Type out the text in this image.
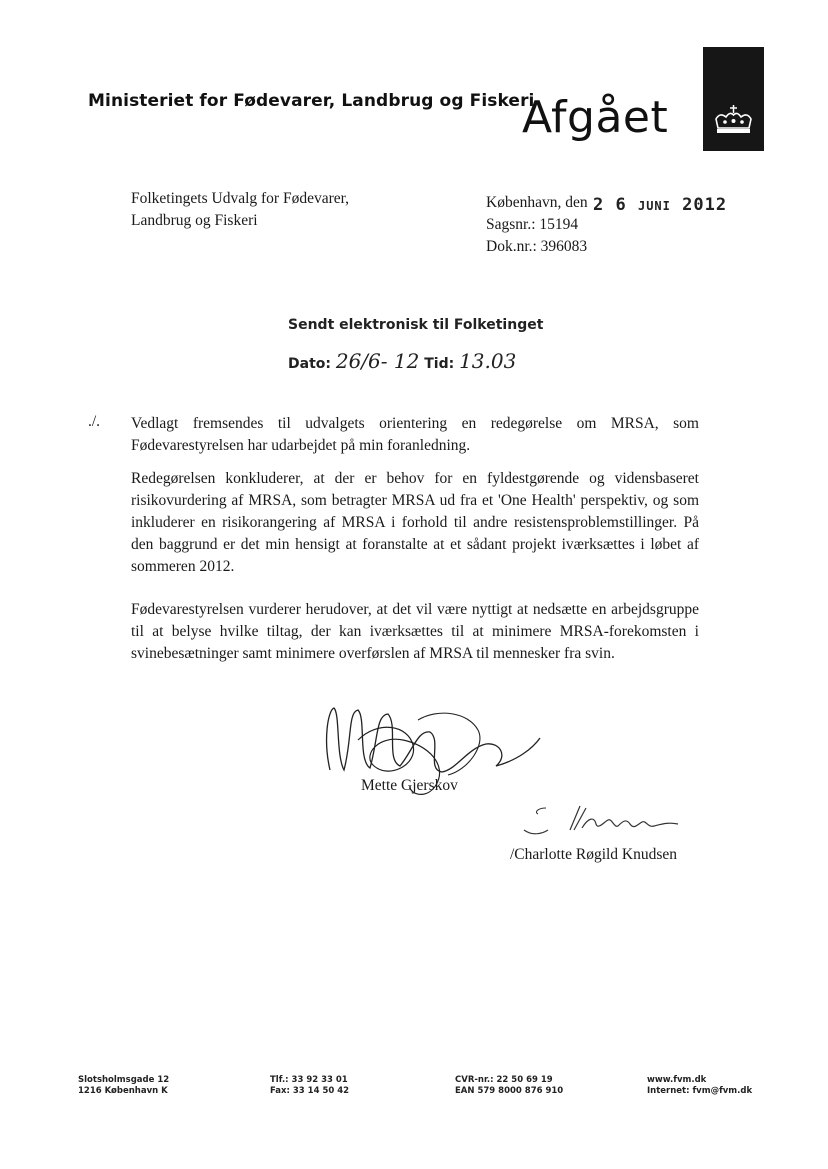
Ministeriet for Fødevarer, Landbrug og Fiskeri
Afgået
Folketingets Udvalg for Fødevarer,
Landbrug og Fiskeri
København, den
Sagsnr.: 15194
Dok.nr.: 396083
2 6 JUNI 2012
Sendt elektronisk til Folketinget
Dato: 26/6- 12 Tid: 13.03
./. Vedlagt fremsendes til udvalgets orientering en redegørelse om MRSA, som Fødevarestyrelsen har udarbejdet på min foranledning.
Redegørelsen konkluderer, at der er behov for en fyldestgørende og vidensbaseret risikovurdering af MRSA, som betragter MRSA ud fra et 'One Health' perspektiv, og som inkluderer en risikorangering af MRSA i forhold til andre resistensproblemstillinger. På den baggrund er det min hensigt at foranstalte at et sådant projekt iværksættes i løbet af sommeren 2012.
Fødevarestyrelsen vurderer herudover, at det vil være nyttigt at nedsætte en arbejdsgruppe til at belyse hvilke tiltag, der kan iværksættes til at minimere MRSA-forekomsten i svinebesætninger samt minimere overførslen af MRSA til mennesker fra svin.
Mette Gjerskov
/Charlotte Røgild Knudsen
Slotsholmsgade 12
1216 København K
Tlf.: 33 92 33 01
Fax: 33 14 50 42
CVR-nr.: 22 50 69 19
EAN 579 8000 876 910
www.fvm.dk
Internet: fvm@fvm.dk
